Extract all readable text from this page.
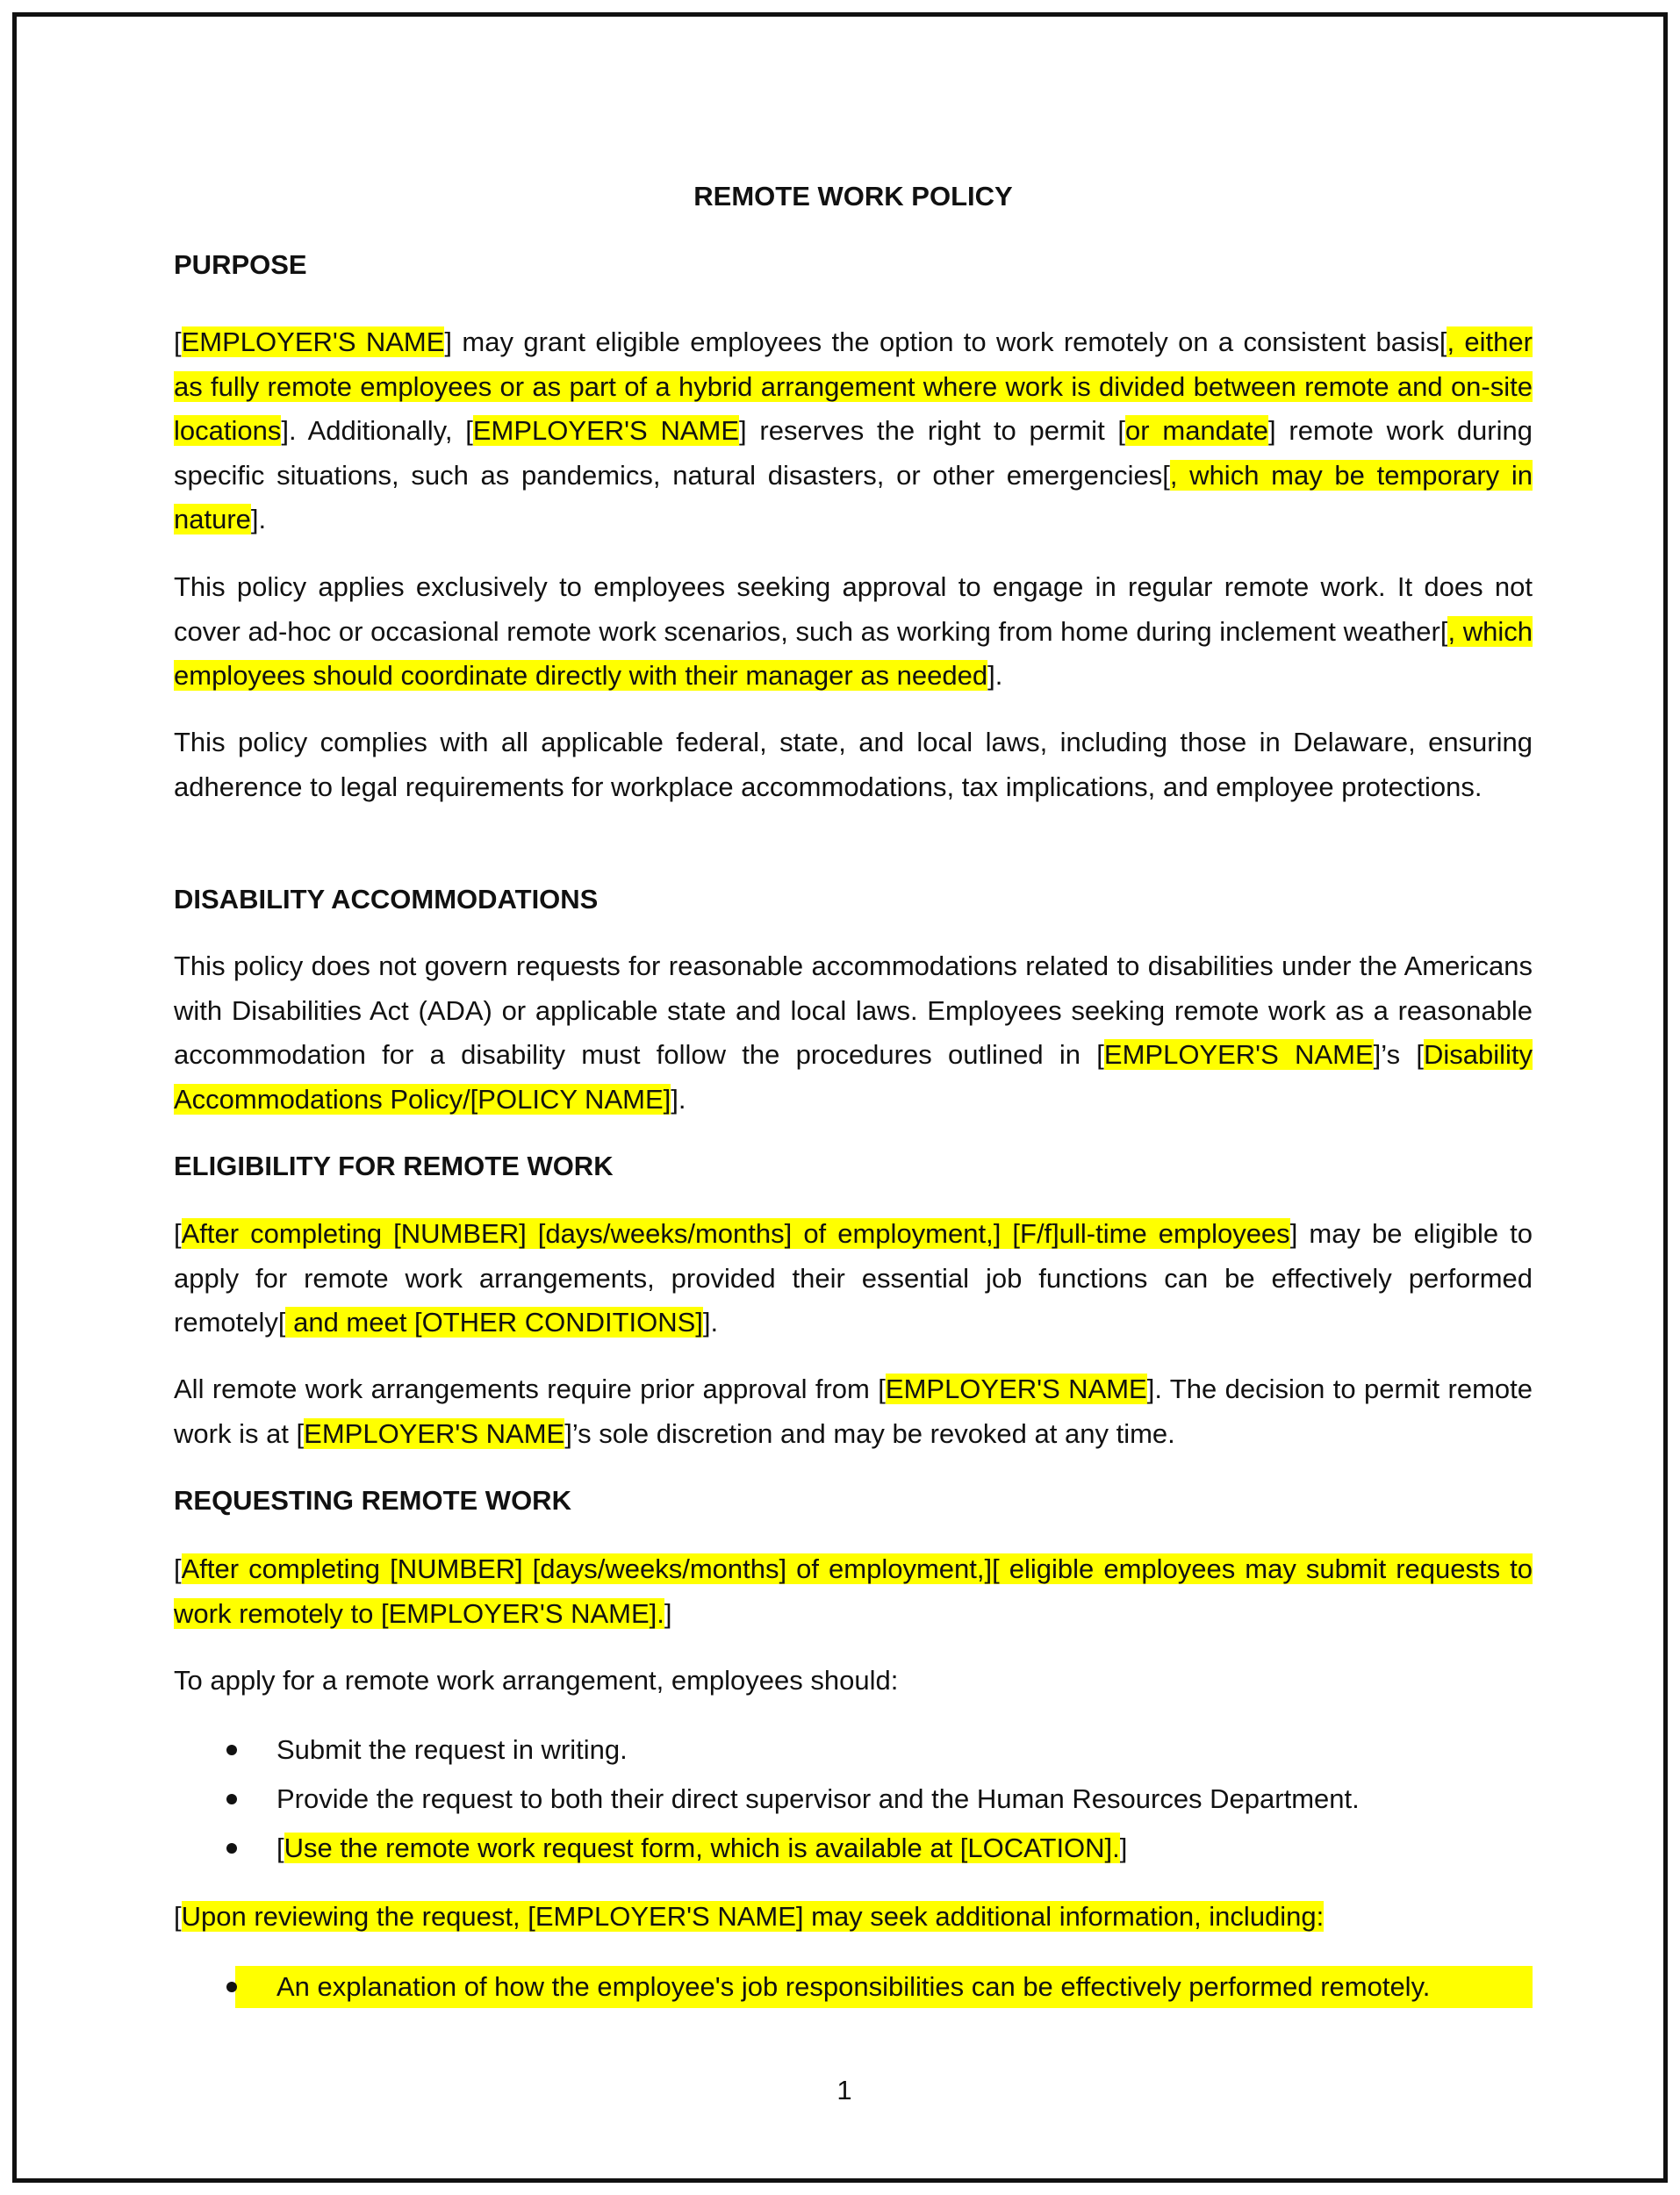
REMOTE WORK POLICY

PURPOSE

[EMPLOYER'S NAME] may grant eligible employees the option to work remotely on a consistent basis[, either as fully remote employees or as part of a hybrid arrangement where work is divided between remote and on-site locations]. Additionally, [EMPLOYER'S NAME] reserves the right to permit [or mandate] remote work during specific situations, such as pandemics, natural disasters, or other emergencies[, which may be temporary in nature].

This policy applies exclusively to employees seeking approval to engage in regular remote work. It does not cover ad-hoc or occasional remote work scenarios, such as working from home during inclement weather[, which employees should coordinate directly with their manager as needed].

This policy complies with all applicable federal, state, and local laws, including those in Delaware, ensuring adherence to legal requirements for workplace accommodations, tax implications, and employee protections.

DISABILITY ACCOMMODATIONS

This policy does not govern requests for reasonable accommodations related to disabilities under the Americans with Disabilities Act (ADA) or applicable state and local laws. Employees seeking remote work as a reasonable accommodation for a disability must follow the procedures outlined in [EMPLOYER'S NAME]’s [Disability Accommodations Policy/[POLICY NAME]].

ELIGIBILITY FOR REMOTE WORK

[After completing [NUMBER] [days/weeks/months] of employment,] [F/f]ull-time employees] may be eligible to apply for remote work arrangements, provided their essential job functions can be effectively performed remotely[ and meet [OTHER CONDITIONS]].

All remote work arrangements require prior approval from [EMPLOYER'S NAME]. The decision to permit remote work is at [EMPLOYER'S NAME]’s sole discretion and may be revoked at any time.

REQUESTING REMOTE WORK

[After completing [NUMBER] [days/weeks/months] of employment,][ eligible employees may submit requests to work remotely to [EMPLOYER'S NAME].]

To apply for a remote work arrangement, employees should:

Submit the request in writing.
Provide the request to both their direct supervisor and the Human Resources Department.
[Use the remote work request form, which is available at [LOCATION].]

[Upon reviewing the request, [EMPLOYER'S NAME] may seek additional information, including:

An explanation of how the employee's job responsibilities can be effectively performed remotely.
1
